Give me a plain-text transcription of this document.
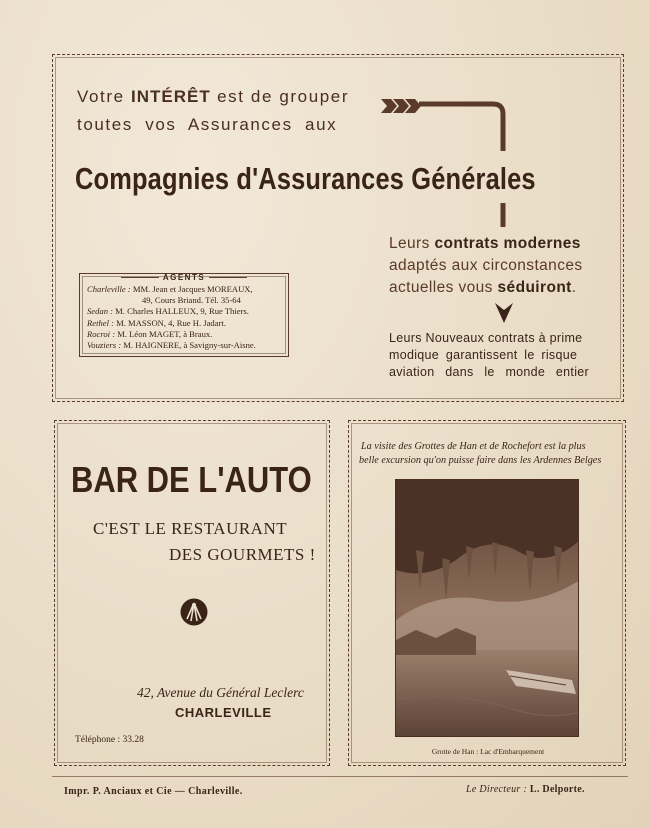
Votre INTÉRÊT est de grouper
toutes vos Assurances aux
Compagnies d'Assurances Générales
Leurs contrats modernes
adaptés aux circonstances
actuelles vous séduiront.
Leurs Nouveaux contrats à prime
modique garantissent le risque
aviation dans le monde entier
AGENTS
Charleville : MM. Jean et Jacques MOREAUX,
49, Cours Briand. Tél. 35-64
Sedan : M. Charles HALLEUX, 9, Rue Thiers.
Rethel : M. MASSON, 4, Rue H. Jadart.
Rocroi : M. Léon MAGET, à Braux.
Vouziers : M. HAIGNERE, à Savigny-sur-Aisne.
BAR DE L'AUTO
C'EST LE RESTAURANT
DES GOURMETS !
42, Avenue du Général Leclerc
CHARLEVILLE
Téléphone : 33.28
La visite des Grottes de Han et de Rochefort est la plus
belle excursion qu'on puisse faire dans les Ardennes Belges
Grotte de Han : Lac d'Embarquement
Impr. P. Anciaux et Cie — Charleville.	Le Directeur : L. Delporte.
